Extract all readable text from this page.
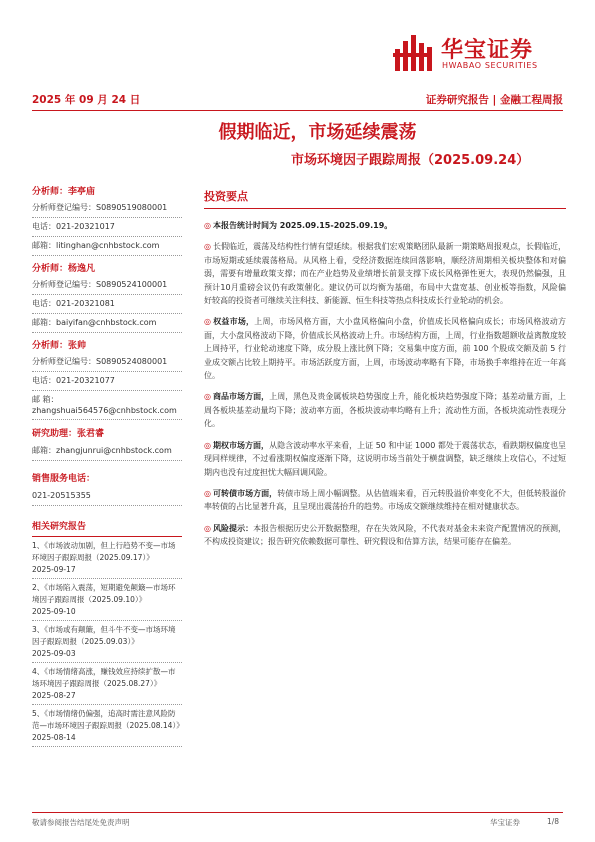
华宝证券
HWABAO SECURITIES
2025 年 09 月 24 日	证券研究报告 | 金融工程周报
假期临近，市场延续震荡
市场环境因子跟踪周报（2025.09.24）
分析师：李亭庙
分析师登记编号：S0890519080001
电话：021-20321017
邮箱：litinghan@cnhbstock.com
分析师：杨逸凡
分析师登记编号：S0890524100001
电话：021-20321081
邮箱：baiyifan@cnhbstock.com
分析师：张帅
分析师登记编号：S0890524080001
电话：021-20321077
邮 箱：zhangshuai564576@cnhbstock.com
研究助理：张君睿
邮箱：zhangjunrui@cnhbstock.com
销售服务电话：
021-20515355
相关研究报告
1、《市场波动加剧，但上行趋势不变—市场环境因子跟踪周报（2025.09.17）》
2025-09-17
2、《市场陷入震荡，短期避免颠簸—市场环境因子跟踪周报（2025.09.10）》
2025-09-10
3、《市场或有颠簸，但斗牛不变—市场环境因子跟踪周报（2025.09.03）》
2025-09-03
4、《市场情绪高涨，赚钱效应持续扩散—市场环境因子跟踪周报（2025.08.27）》
2025-08-27
5、《市场情绪仍偏强，追高时需注意风险防范—市场环境因子跟踪周报（2025.08.14）》
2025-08-14
投资要点
◎ 本报告统计时间为 2025.09.15-2025.09.19。
◎ 长假临近，震荡及结构性行情有望延续。根据我们宏观策略团队最新一期策略周报观点，长假临近，市场短期或延续震荡格局。从风格上看，受经济数据连续回落影响，顺经济周期相关板块整体和对偏弱，需要有增量政策支撑；而在产业趋势及业绩增长前景支撑下成长风格弹性更大，表现仍然偏强，且预计10月重磅会议仍有政策催化。建议仍可以均衡为基础，布局中大盘宽基、创业板等指数，风险偏好较高的投资者可继续关注科技、新能源、恒生科技等热点科技成长行业轮动的机会。
◎ 权益市场，上周，市场风格方面，大小盘风格偏向小盘，价值成长风格偏向成长；市场风格波动方面，大小盘风格波动下降，价值成长风格波动上升。市场结构方面，上周，行业指数超额收益离散度较上周持平，行业轮动速度下降，成分股上涨比例下降；交易集中度方面，前 100 个股成交额及前 5 行业成交额占比较上期持平。市场活跃度方面，上周，市场波动率略有下降，市场换手率维持在近一年高位。
◎ 商品市场方面，上周，黑色及贵金属板块趋势强度上升，能化板块趋势强度下降；基差动量方面，上周各板块基差动量均下降；波动率方面，各板块波动率均略有上升；流动性方面，各板块流动性表现分化。
◎ 期权市场方面，从隐含波动率水平来看，上证 50 和中证 1000 都处于震荡状态，看跌期权偏度也呈现同样规律，不过看涨期权偏度逐渐下降，这说明市场当前处于横盘调整，缺乏继续上攻信心，不过短期内也没有过度担忧大幅回调风险。
◎ 可转债市场方面，转债市场上周小幅调整。从估值端来看，百元转股溢价率变化不大，但低转股溢价率转债的占比显著升高，且呈现出震荡抬升的趋势。市场成交额继续维持在相对健康状态。
◎ 风险提示：本报告根据历史公开数据整理，存在失效风险，不代表对基金未来资产配置情况的预测，不构成投资建议；报告研究依赖数据可靠性、研究假设和估算方法，结果可能存在偏差。
敬请参阅报告结尾处免责声明	华宝证券	1/8
